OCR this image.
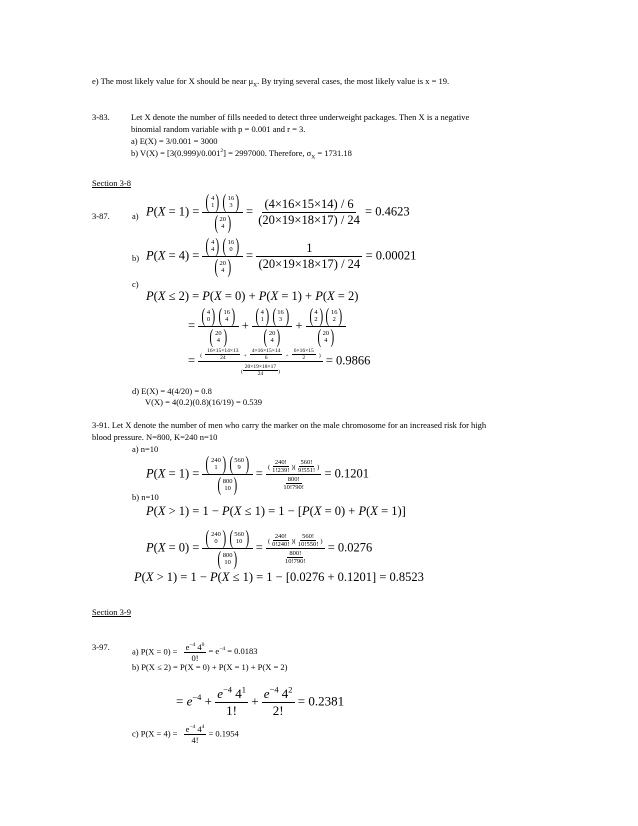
e) The most likely value for X should be near $\mu_X$. By trying several cases, the most likely value is x = 19.
3-83.	Let X denote the number of fills needed to detect three underweight packages. Then X is a negative
binomial random variable with p = 0.001 and r = 3.
a) E(X) = 3/0.001 = 3000
b) $V(X) = [3(0.999)/0.001^2] = 2997000$. Therefore, $\sigma_X = 1731.18$
Section 3-8
3-87.	a) P(X = 1) = ( 4
1 ) ( 16
3 )
( 20
4 ) = $\frac{(4\times 16\times 15\times 14) / 6}{(20\times 19\times 18\times 17) / 24} = 0.4623$
b) P(X = 4) = ( 4
4 ) ( 16
0 )
( 20
4 ) = $\frac{1}{(20\times 19\times 18\times 17) / 24} = 0.00021$
c)
P(X ≤ 2) = P(X = 0) + P(X = 1) + P(X = 2)
= ( 4
0 ) ( 16
4 )
( 20
4 ) + ( 4
1 ) ( 16
3 )
( 20
4 ) + ( 4
2 ) ( 16
2 )
( 20
4 )
= ( $\frac{16\times 15\times 14\times 13}{24} + \frac{4\times 16\times 15\times 14}{6} + \frac{6\times 16\times 15}{2}$ )
( $\frac{20\times 19\times 18\times 17}{24}$ )
= 0.9866
d) E(X) = 4(4/20) = 0.8
V(X) = 4(0.2)(0.8)(16/19) = 0.539
3-91. Let X denote the number of men who carry the marker on the male chromosome for an increased risk for high
blood pressure. N=800, K=240 n=10
a) n=10
P(X = 1) = ( 240
1 ) ( 560
9 )
( 800
10 ) = $\frac{( \frac{240!}{1!239!} )( \frac{560!}{9!551!} )}{\frac{800!}{10!790!}} = 0.1201$
b) n=10
P(X > 1) = 1 − P(X ≤ 1) = 1 − [P(X = 0) + P(X = 1)]
P(X = 0) = ( 240
0 ) ( 560
10 )
( 800
10 ) = $\frac{( \frac{240!}{0!240!} )( \frac{560!}{10!550!} )}{\frac{800!}{10!790!}} = 0.0276$
P(X > 1) = 1 − P(X ≤ 1) = 1 − [0.0276 + 0.1201] = 0.8523
Section 3-9
3-97.	a) $P(X = 0) = \frac{e^{-4} 4^0}{0!} = e^{-4} = 0.0183$
b) P(X ≤ 2) = P(X = 0) + P(X = 1) + P(X = 2)
= $e^{-4} + \frac{e^{-4} 4^1}{1!} + \frac{e^{-4} 4^2}{2!} = 0.2381$
c) $P(X = 4) = \frac{e^{-4} 4^4}{4!} = 0.1954$
